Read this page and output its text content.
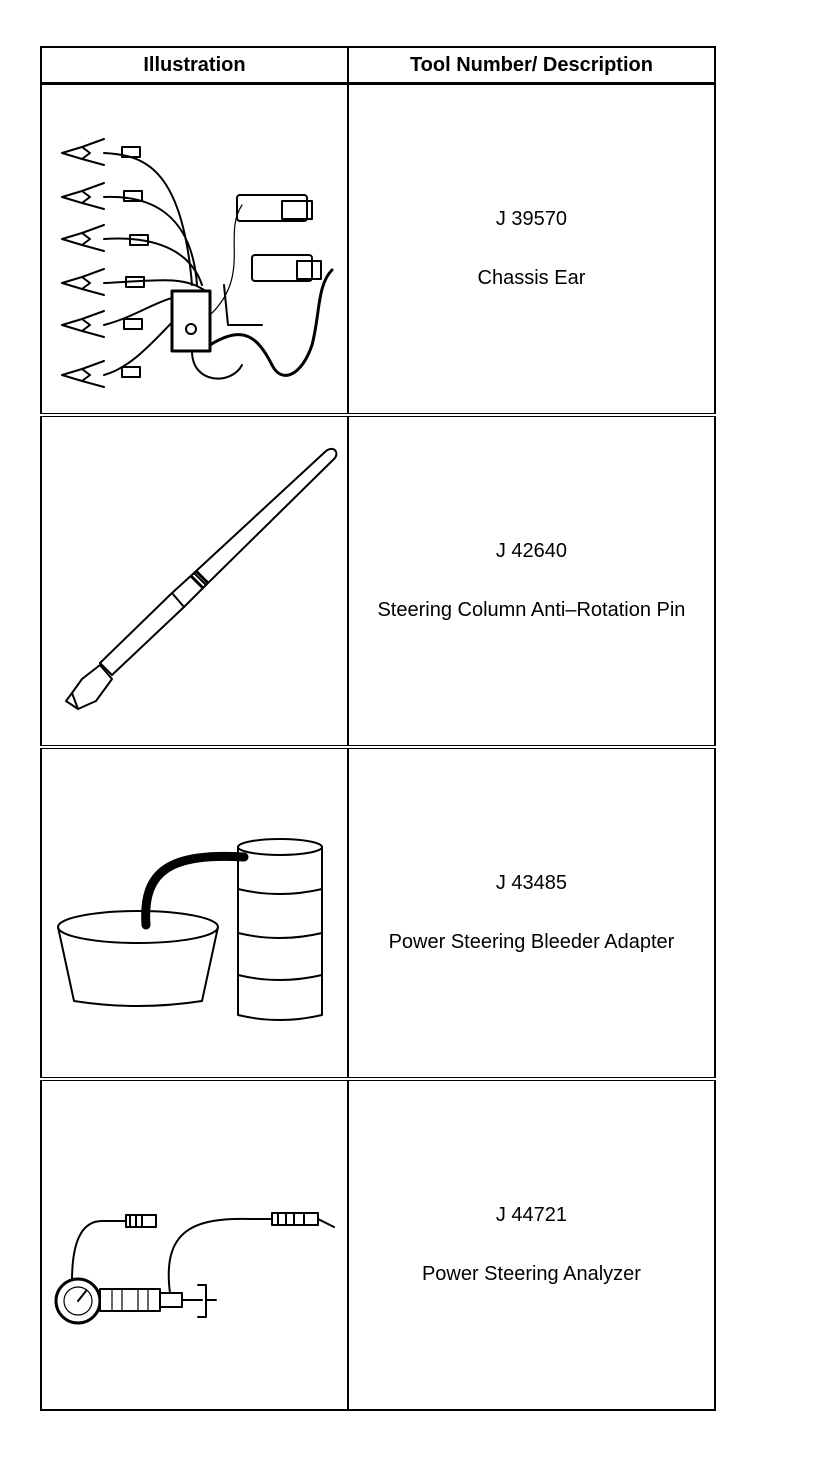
Illustration	Tool Number/ Description

J 39570
Chassis Ear

J 42640
Steering Column Anti–Rotation Pin

J 43485
Power Steering Bleeder Adapter

J 44721
Power Steering Analyzer
